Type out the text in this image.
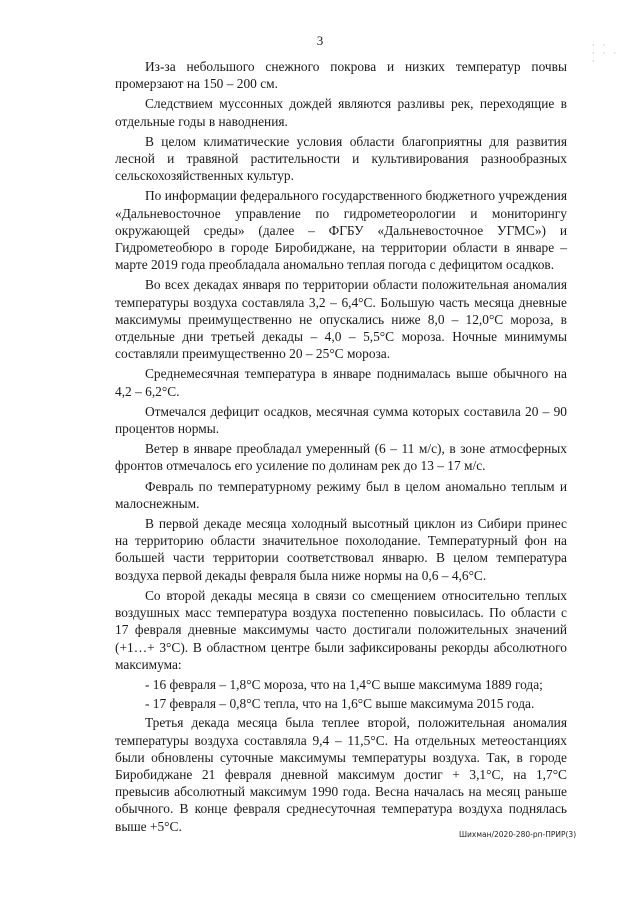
3	· ·
· · ·
·

Из-за небольшого снежного покрова и низких температур почвы промерзают на 150 – 200 см.

Следствием муссонных дождей являются разливы рек, переходящие в отдельные годы в наводнения.

В целом климатические условия области благоприятны для развития лесной и травяной растительности и культивирования разнообразных сельскохозяйственных культур.

По информации федерального государственного бюджетного учреждения «Дальневосточное управление по гидрометеорологии и мониторингу окружающей среды» (далее – ФГБУ «Дальневосточное УГМС») и Гидрометеобюро в городе Биробиджане, на территории области в январе – марте 2019 года преобладала аномально теплая погода с дефицитом осадков.

Во всех декадах января по территории области положительная аномалия температуры воздуха составляла 3,2 – 6,4°С. Большую часть месяца дневные максимумы преимущественно не опускались ниже 8,0 – 12,0°С мороза, в отдельные дни третьей декады – 4,0 – 5,5°С мороза. Ночные минимумы составляли преимущественно 20 – 25°С мороза.

Среднемесячная температура в январе поднималась выше обычного на 4,2 – 6,2°С.

Отмечался дефицит осадков, месячная сумма которых составила 20 – 90 процентов нормы.

Ветер в январе преобладал умеренный (6 – 11 м/с), в зоне атмосферных фронтов отмечалось его усиление по долинам рек до 13 – 17 м/с.

Февраль по температурному режиму был в целом аномально теплым и малоснежным.

В первой декаде месяца холодный высотный циклон из Сибири принес на территорию области значительное похолодание. Температурный фон на большей части территории соответствовал январю. В целом температура воздуха первой декады февраля была ниже нормы на 0,6 – 4,6°С.

Со второй декады месяца в связи со смещением относительно теплых воздушных масс температура воздуха постепенно повысилась. По области с 17 февраля дневные максимумы часто достигали положительных значений (+1…+ 3°С). В областном центре были зафиксированы рекорды абсолютного максимума:

- 16 февраля – 1,8°С мороза, что на 1,4°С выше максимума 1889 года;

- 17 февраля – 0,8°С тепла, что на 1,6°С выше максимума 2015 года.

Третья декада месяца была теплее второй, положительная аномалия температуры воздуха составляла 9,4 – 11,5°С. На отдельных метеостанциях были обновлены суточные максимумы температуры воздуха. Так, в городе Биробиджане 21 февраля дневной максимум достиг + 3,1°С, на 1,7°С превысив абсолютный максимум 1990 года. Весна началась на месяц раньше обычного. В конце февраля среднесуточная температура воздуха поднялась выше +5°С.

Шихман/2020-280-рп-ПРИР(3)
